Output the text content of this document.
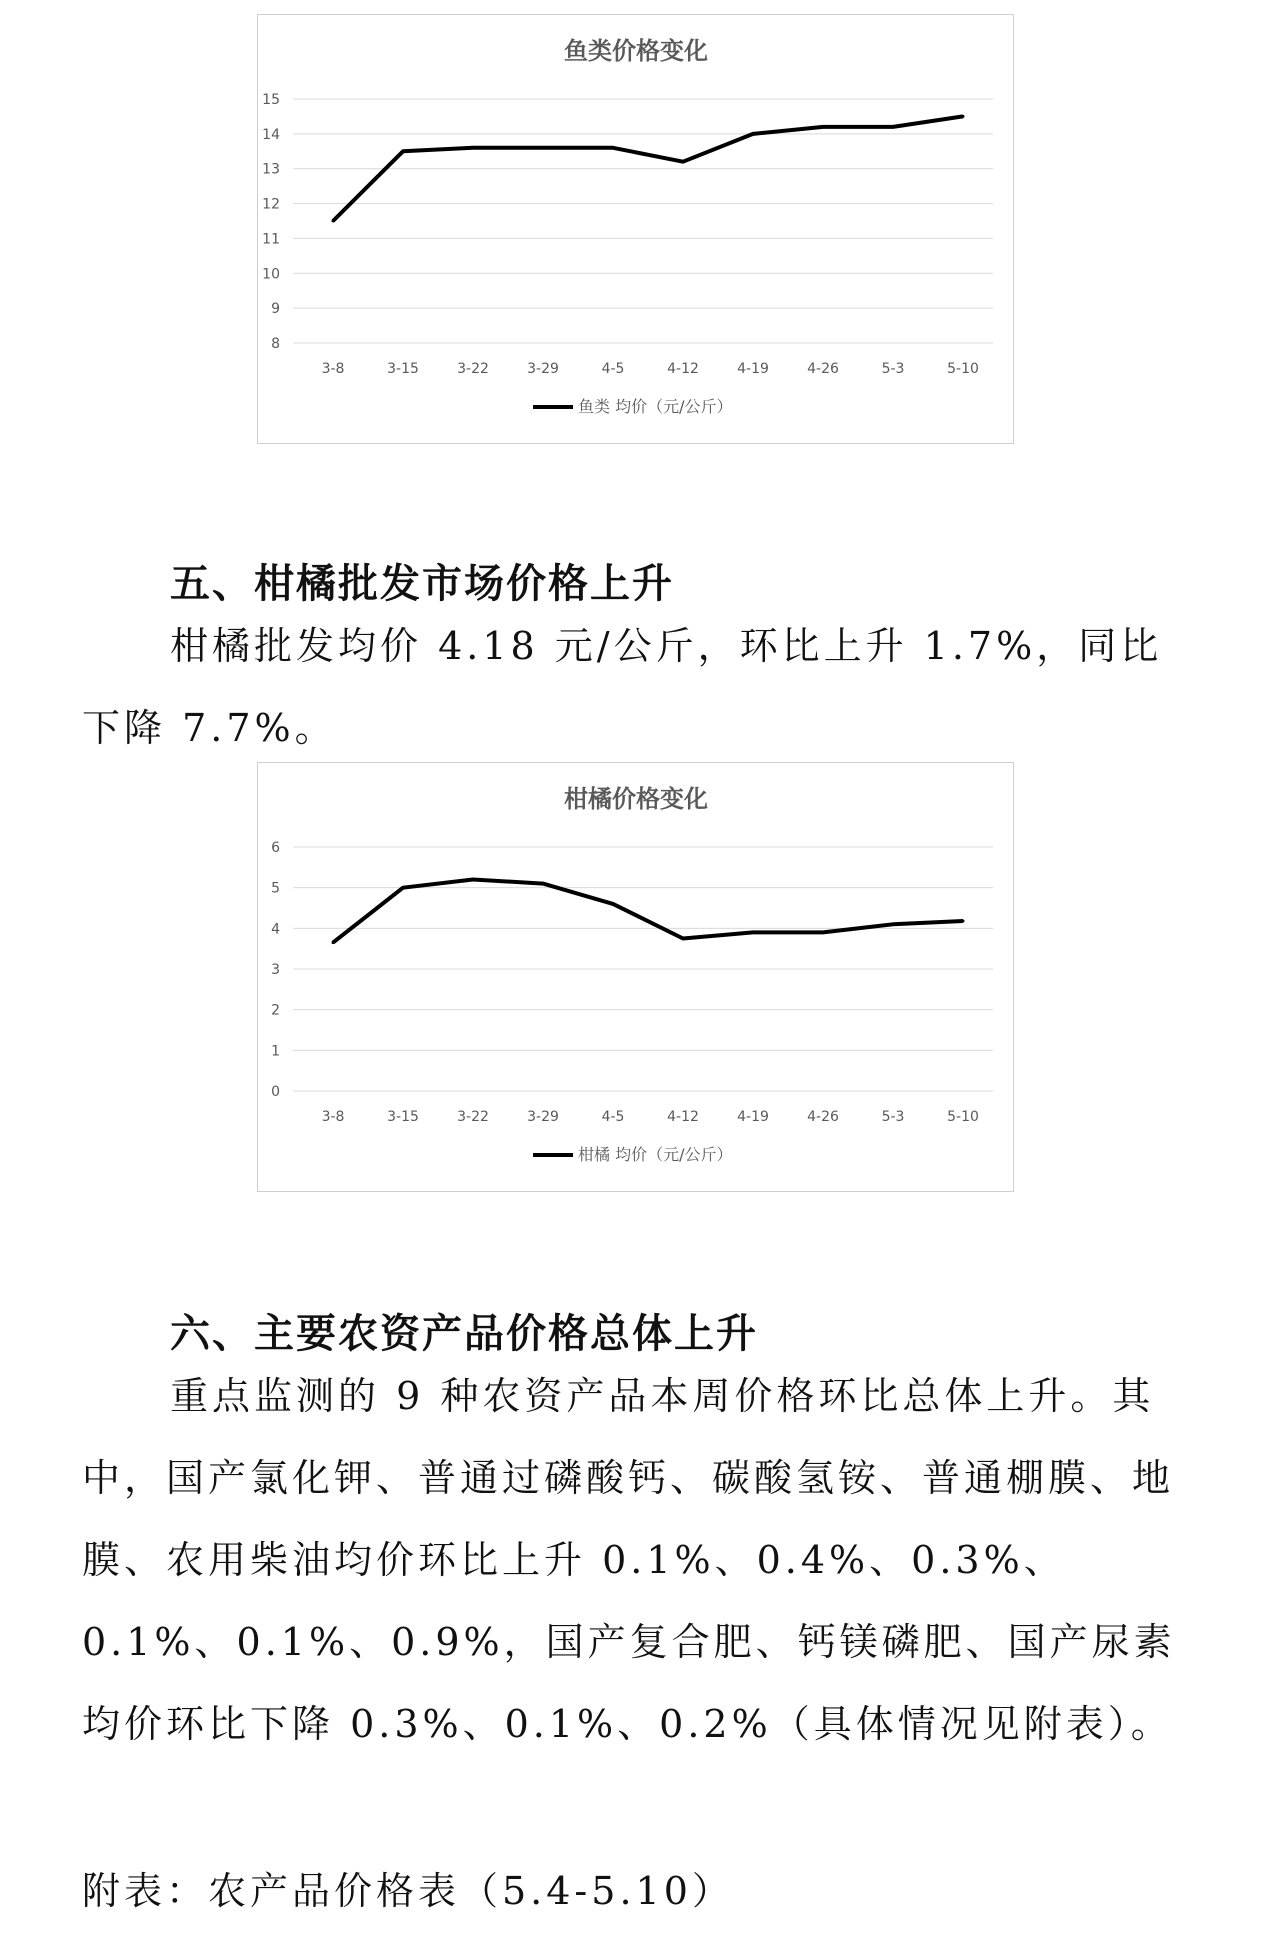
鱼类价格变化
8
9
10
11
12
13
14
15
3-8	3-15	3-22	3-29	4-5	4-12	4-19	4-26	5-3	5-10
鱼类 均价（元/公斤）
五、柑橘批发市场价格上升
柑橘批发均价 4.18 元/公斤，环比上升 1.7%，同比下降 7.7%。
柑橘价格变化
0
1
2
3
4
5
6
3-8	3-15	3-22	3-29	4-5	4-12	4-19	4-26	5-3	5-10
柑橘 均价（元/公斤）
六、主要农资产品价格总体上升
重点监测的 9 种农资产品本周价格环比总体上升。其中，国产氯化钾、普通过磷酸钙、碳酸氢铵、普通棚膜、地膜、农用柴油均价环比上升 0.1%、0.4%、0.3%、0.1%、0.1%、0.9%，国产复合肥、钙镁磷肥、国产尿素均价环比下降 0.3%、0.1%、0.2%（具体情况见附表）。
附表：农产品价格表（5.4-5.10）
